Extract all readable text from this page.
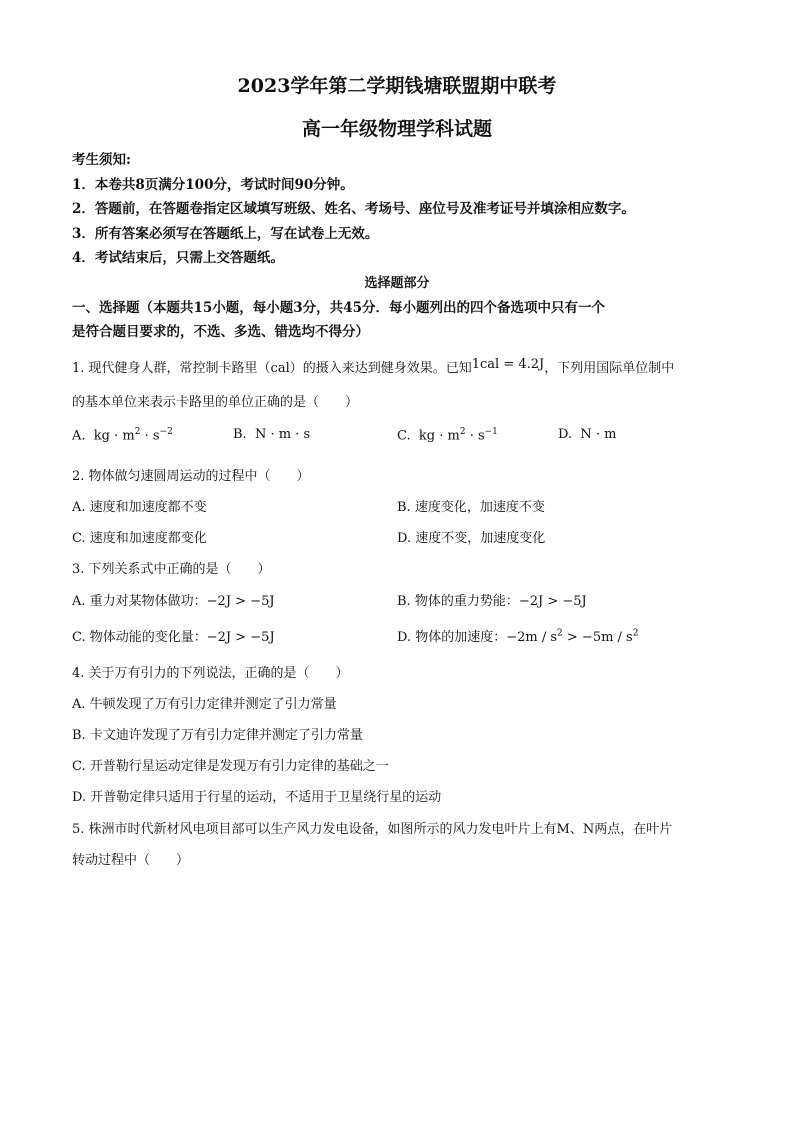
2023学年第二学期钱塘联盟期中联考
高一年级物理学科试题
考生须知:
1．本卷共8页满分100分，考试时间90分钟。
2．答题前，在答题卷指定区域填写班级、姓名、考场号、座位号及准考证号并填涂相应数字。
3．所有答案必须写在答题纸上，写在试卷上无效。
4．考试结束后，只需上交答题纸。
选择题部分
一、选择题（本题共15小题，每小题3分，共45分．每小题列出的四个备选项中只有一个
是符合题目要求的，不选、多选、错选均不得分）
1. 现代健身人群，常控制卡路里（cal）的摄入来达到健身效果。已知1cal = 4.2J，下列用国际单位制中
的基本单位来表示卡路里的单位正确的是（　　）
A. kg · $m^2 \cdot s^{-2}$	B. N · m · s	C. kg · $m^2 \cdot s^{-1}$	D. N · m
2. 物体做匀速圆周运动的过程中（　　）
A. 速度和加速度都不变	B. 速度变化，加速度不变
C. 速度和加速度都变化	D. 速度不变，加速度变化
3. 下列关系式中正确的是（　　）
A. 重力对某物体做功：−2J > −5J	B. 物体的重力势能：−2J > −5J
C. 物体动能的变化量：−2J > −5J	D. 物体的加速度：$-2m / s^2 > -5m / s^2$
4. 关于万有引力的下列说法，正确的是（　　）
A. 牛顿发现了万有引力定律并测定了引力常量
B. 卡文迪许发现了万有引力定律并测定了引力常量
C. 开普勒行星运动定律是发现万有引力定律的基础之一
D. 开普勒定律只适用于行星的运动，不适用于卫星绕行星的运动
5. 株洲市时代新材风电项目部可以生产风力发电设备，如图所示的风力发电叶片上有M、N两点，在叶片
转动过程中（　　）
